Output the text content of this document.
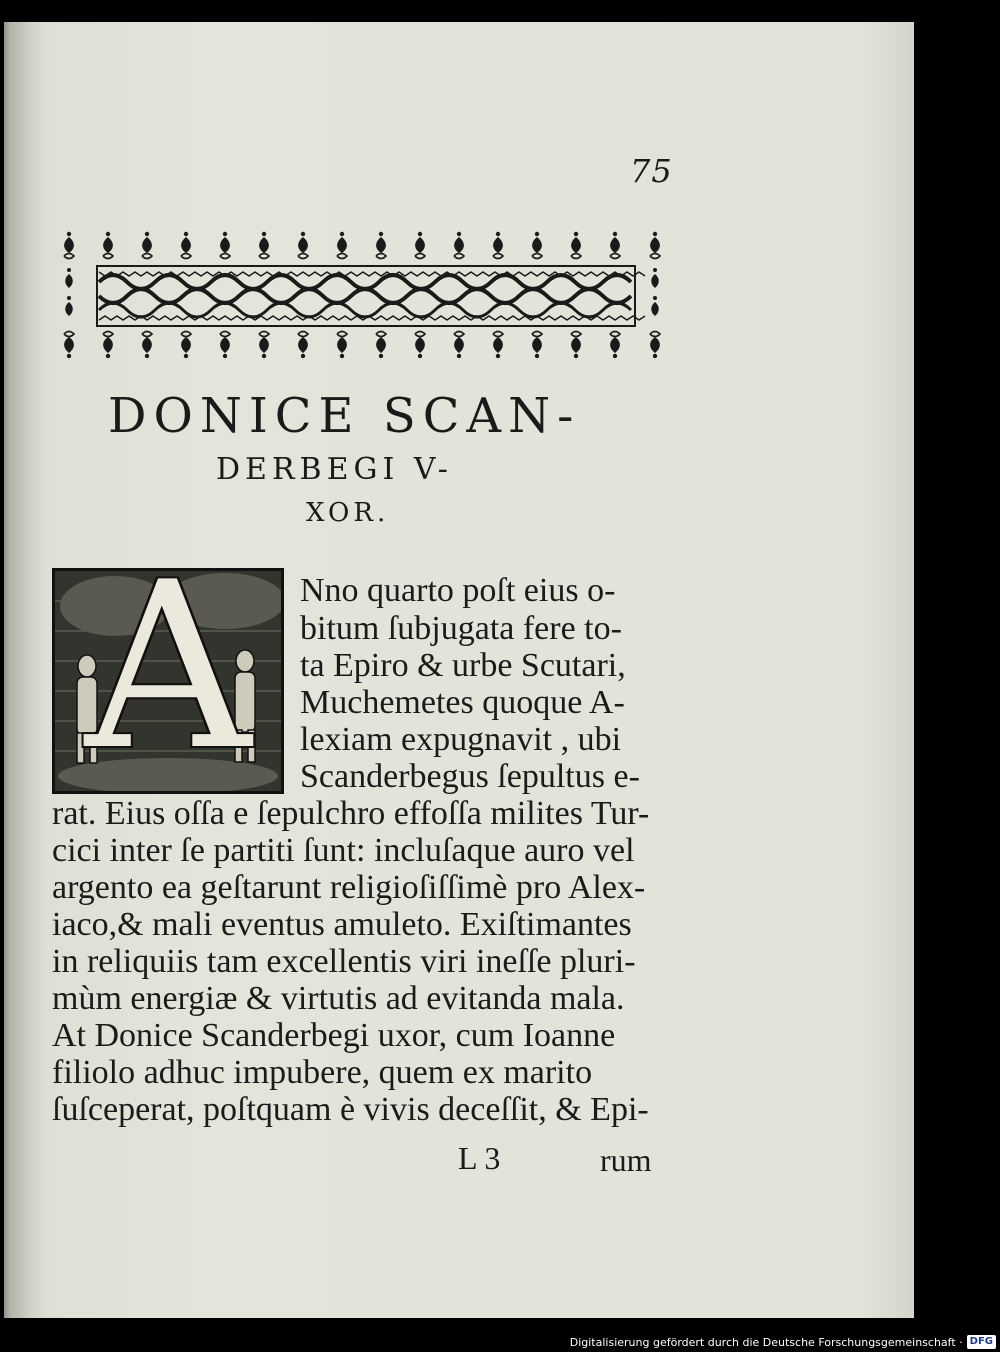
75
DONICE SCAN-
DERBEGI V-
XOR.
A	Nno quarto poſt eius o-
bitum ſubjugata fere to-
ta Epiro & urbe Scutari,
Muchemetes quoque A-
lexiam expugnavit , ubi
Scanderbegus ſepultus e-
rat. Eius oſſa e ſepulchro effoſſa milites Tur-
cici inter ſe partiti ſunt: incluſaque auro vel
argento ea geſtarunt religioſiſſimè pro Alex-
iaco,& mali eventus amuleto. Exiſtimantes
in reliquiis tam excellentis viri ineſſe pluri-
mùm energiæ & virtutis ad evitanda mala.
At Donice Scanderbegi uxor, cum Ioanne
filiolo adhuc impubere, quem ex marito
ſuſceperat, poſtquam è vivis deceſſit, & Epi-
L 3	rum
Digitalisierung gefördert durch die Deutsche Forschungsgemeinschaft · DFG
